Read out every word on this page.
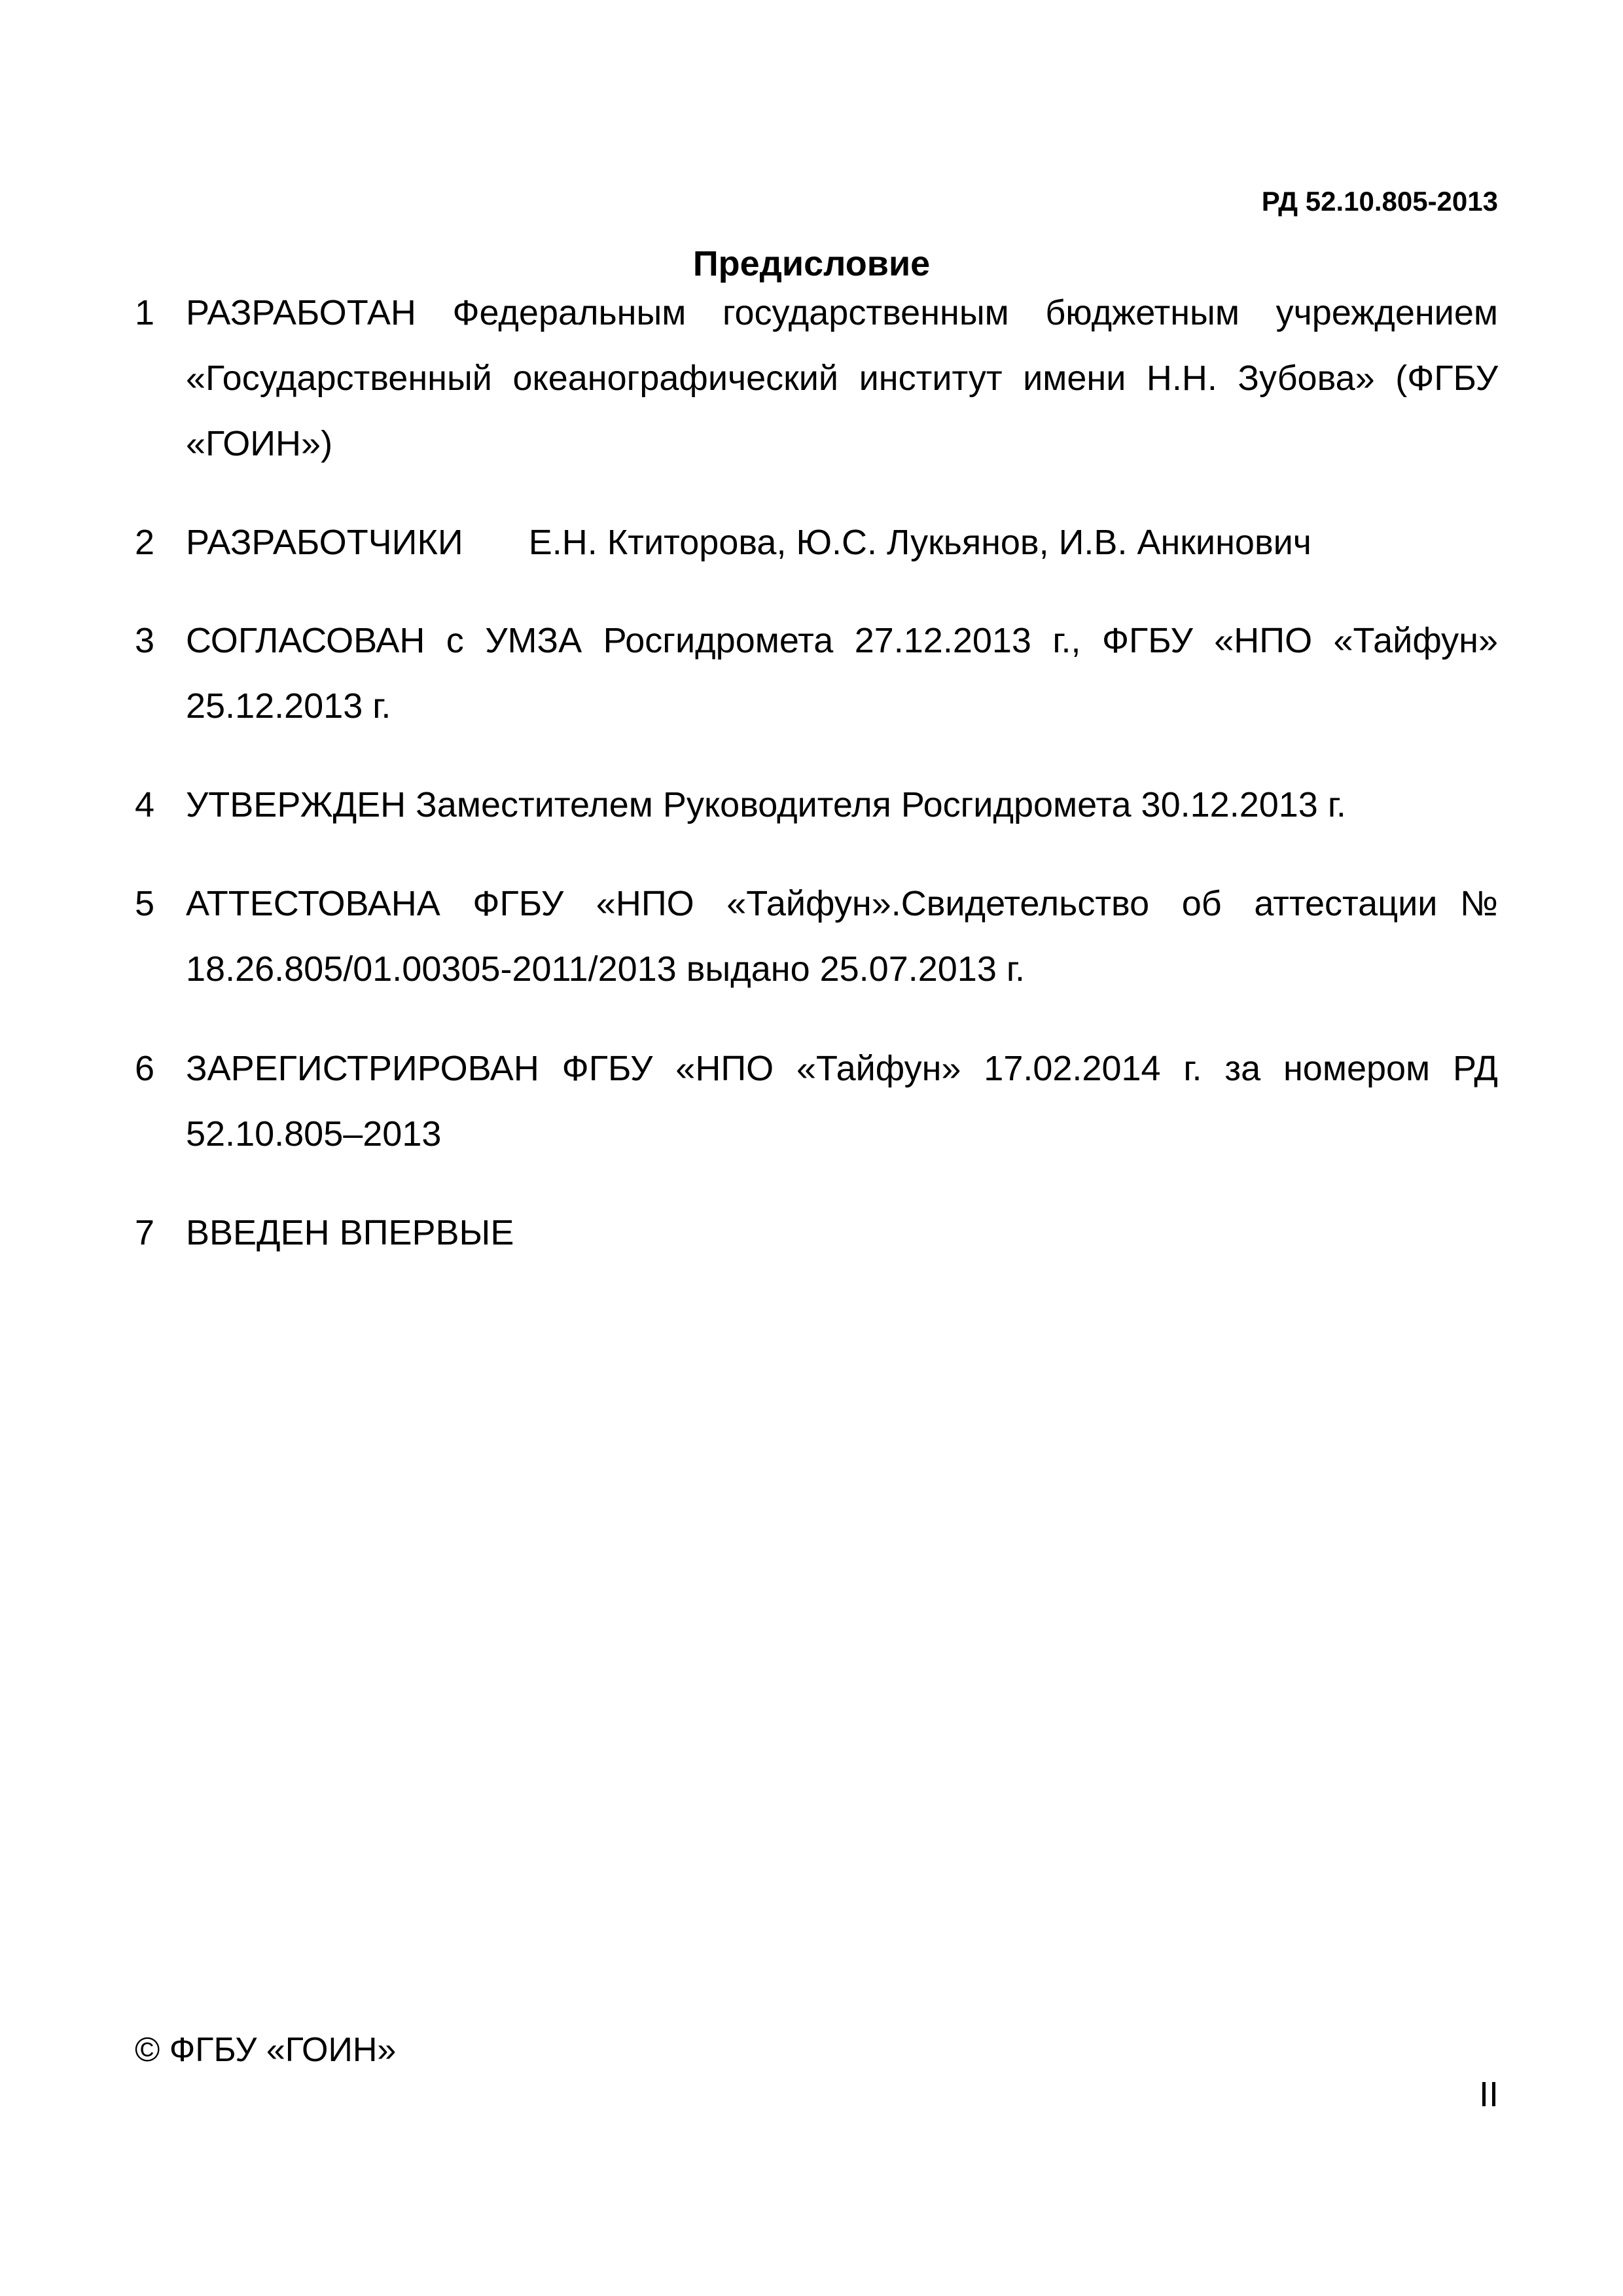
РД 52.10.805-2013
Предисловие
1 РАЗРАБОТАН Федеральным государственным бюджетным учреждением «Государственный океанографический институт имени Н.Н. Зубова» (ФГБУ «ГОИН»)
2 РАЗРАБОТЧИКИ Е.Н. Ктиторова, Ю.С. Лукьянов, И.В. Анкинович
3 СОГЛАСОВАН с УМЗА Росгидромета 27.12.2013 г., ФГБУ «НПО «Тайфун» 25.12.2013 г.
4 УТВЕРЖДЕН Заместителем Руководителя Росгидромета 30.12.2013 г.
5 АТТЕСТОВАНА ФГБУ «НПО «Тайфун».Свидетельство об аттестации№ 18.26.805/01.00305-2011/2013 выдано 25.07.2013 г.
6 ЗАРЕГИСТРИРОВАН ФГБУ «НПО «Тайфун» 17.02.2014 г. за номером РД 52.10.805–2013
7 ВВЕДЕН ВПЕРВЫЕ
© ФГБУ «ГОИН»
II
